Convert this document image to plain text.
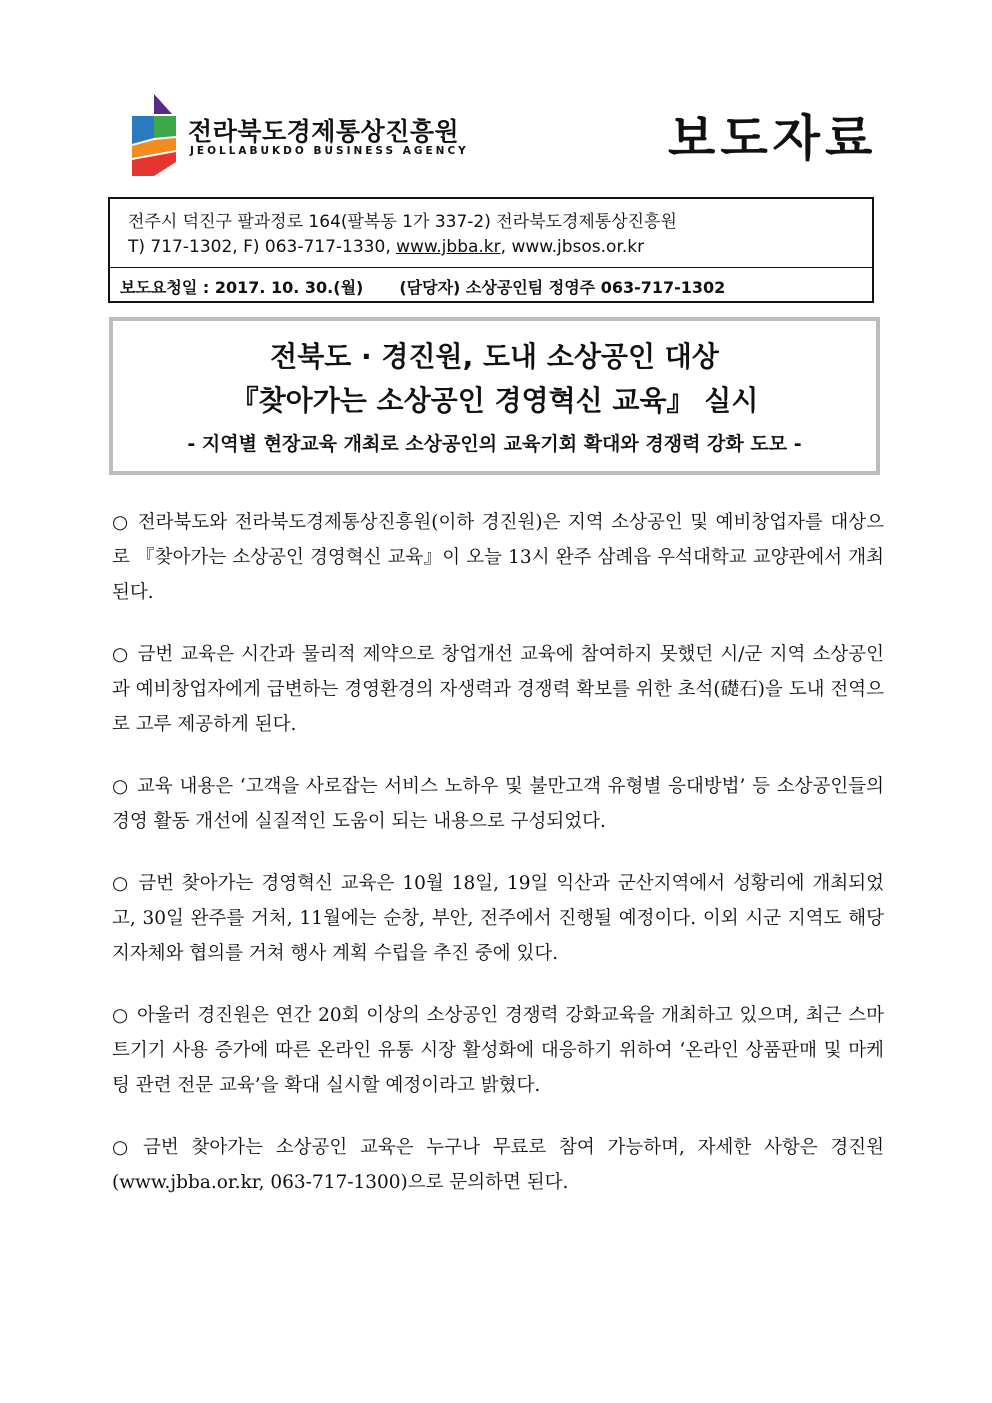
전라북도경제통상진흥원
JEOLLABUKDO BUSINESS AGENCY	보도자료
전주시 덕진구 팔과정로 164(팔복동 1가 337-2) 전라북도경제통상진흥원
T) 717-1302, F) 063-717-1330, www.jbba.kr, www.jbsos.or.kr
보도요청일 : 2017. 10. 30.(월) (담당자) 소상공인팀 정영주 063-717-1302
전북도 · 경진원, 도내 소상공인 대상
『찾아가는 소상공인 경영혁신 교육』 실시
- 지역별 현장교육 개최로 소상공인의 교육기회 확대와 경쟁력 강화 도모 -

○ 전라북도와 전라북도경제통상진흥원(이하 경진원)은 지역 소상공인 및 예비창업자를 대상으로 『찾아가는 소상공인 경영혁신 교육』이 오늘 13시 완주 삼례읍 우석대학교 교양관에서 개최 된다.

○ 금번 교육은 시간과 물리적 제약으로 창업개선 교육에 참여하지 못했던 시/군 지역 소상공인과 예비창업자에게 급변하는 경영환경의 자생력과 경쟁력 확보를 위한 초석(礎石)을 도내 전역으로 고루 제공하게 된다.

○ 교육 내용은 ‘고객을 사로잡는 서비스 노하우 및 불만고객 유형별 응대방법’ 등 소상공인들의 경영 활동 개선에 실질적인 도움이 되는 내용으로 구성되었다.

○ 금번 찾아가는 경영혁신 교육은 10월 18일, 19일 익산과 군산지역에서 성황리에 개최되었고, 30일 완주를 거처, 11월에는 순창, 부안, 전주에서 진행될 예정이다. 이외 시군 지역도 해당 지자체와 협의를 거쳐 행사 계획 수립을 추진 중에 있다.

○ 아울러 경진원은 연간 20회 이상의 소상공인 경쟁력 강화교육을 개최하고 있으며, 최근 스마트기기 사용 증가에 따른 온라인 유통 시장 활성화에 대응하기 위하여 ‘온라인 상품판매 및 마케팅 관련 전문 교육’을 확대 실시할 예정이라고 밝혔다.

○ 금번 찾아가는 소상공인 교육은 누구나 무료로 참여 가능하며, 자세한 사항은 경진원(www.jbba.or.kr, 063-717-1300)으로 문의하면 된다.
